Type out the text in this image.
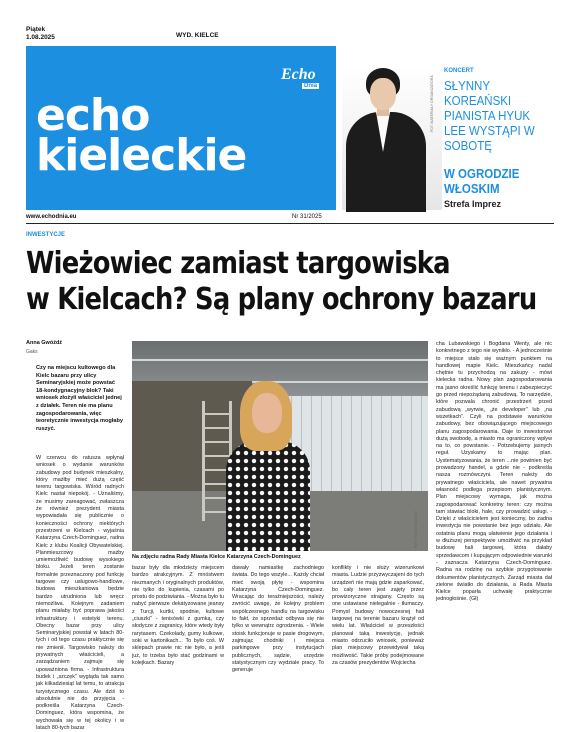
Piątek
1.08.2025	WYD. KIELCE
echo
kieleckie
Echo
Dnia	FOT. MATERIAŁY ORGANIZATORA
KONCERT
SŁYNNY KOREAŃSKI PIANISTA HYUK LEE WYSTĄPI W SOBOTĘ
W OGRODZIE WŁOSKIM
Strefa Imprez
www.echodnia.eu	Nr 31/2025
INWESTYCJE
Wieżowiec zamiast targowiska
w Kielcach? Są plany ochrony bazaru
Anna Gwóźdź
Gaks
Czy na miejscu kultowego dla Kielc bazaru przy ulicy Seminaryjskiej może powstać 18-kondygnacyjny blok? Taki wniosek złożyli właściciel jednej z działek. Teren nie ma planu zagospodarowania, więc teoretycznie inwestycja mogłaby ruszyć.
W czerwcu do ratusza wpłynął wniosek o wydanie warunków zabudowy pod budynek mieszkalny, który mażłby mieć dużą część terenu targowiska. Wśród radnych Kielc nastał niepokój. - Uznaliśmy, że musimy zareagować, zwłaszcza że również prezydent miasta wypowiadała się publicznie o konieczności ochrony niektórych przestrzeni w Kielcach - wyjaśnia Katarzyna Czech-Dominguez, radna Kielc z klubu Koalicji Obywatelskiej. Planmieszcowy mażby umiemożliwić budowę wysokiego bloku. Jeżeli teren zostanie formalnie przeznaczony pod funkcję targowe czy usługowo-handlowe, budowa mieszkaniowa będzie bardzo utrudniona lub wręcz niemożliwa. Kolejnym zadaniem planu miałaby być poprawa jakości infrastruktury i estetyki terenu. Obecny bazar przy ulicy Seminaryjskiej powstał w latach 80-tych i od tego czasu praktycznie się nie zmienił. Targowisko należy do prywatnych właścicieli, a zarządzaniem zajmuje się upoważniona firma. - Infrastruktura budek i „szczęk” wygląda tak samo jak kilkadziesiąt lat temu, to atrakcja turystycznego czasu. Ale dziś to absolutnie nie do przyjęcia - podkreśla Katarzyna Czech-Dominguez, która wspomina, że wychowała się w tej okolicy i w latach 80-tych bazar
FOT. PAWEŁ MAŁECKI
Na zdjęciu radna Rady Miasta Kielce Katarzyna Czech-Dominguez
bazar były dla młodzieży miejscem bardzo atrakcyjnym. Z mnóstwem niezmanych i oryginalnych produktów, nie tylko do kupienia, czasami po prostu do podziwiania. - Można było tu nabyć pierwsze dekatyzowane jeansy z Turcji, kurtki, spodnie, kultowe „ciuszki” - tenisówki z gumką, czy słodycze z zagranicy, które wtedy były rarytasem. Czekolady, gumy kulkowe, soki w kartonikach... To było coś. W sklepach prawie nic nie było, a jeśli już, to trzeba było stać godzinami w kolejkach. Bazary
dawały namiastkę zachodniego świata. Do tego wszyle... Każdy chciał mieć swoją płytę - wspomina Katarzyna Czech-Dominguez. Wracając do teraźniejszości, należy zwrócić uwagę, że kolejny problem współczesnego handlu na targowisku to fakt, że sprzedaż odbywa się nie tylko w wewnątrz ogrodzenia. - Wiele stoisk funkcjonuje w pasie drogowym, zajmując chodniki i miejsca parkingowe przy instytucjach publicznych, sądzie, urzędzie statystycznym czy wydziale pracy. To generuje
konflikty i nie służy wizerunkowi miasta. Ludzie przyzwyczajeni do tych urządzeń nie mają gdzie zaparkować, bo cały teren jest zajęty przez prowizoryczne stragany. Często są one ustawiane nielegalnie - tłumaczy. Pomysł budowy nowoczesnej hali targowej na terenie bazaru krążył od wielu lat. Właściciel w przeszłości planował taką inwestycję, jednak miasto odrzuciło wniosek, ponieważ plan miejscowy przewidywał taką możliwość. Takie próby podejmowane za czasów prezydentów Wojciecha
cha Lubawskiego i Bogdana Wenty, ale nic konkretnego z tego nie wynikło. - A jednocześnie to miejsce stało się ważnym punktem na handlowej mapie Kielc. Mieszkańcy nadal chętnie tu przychodzą na zakupy - mówi kielecka radna. Nowy plan zagospodarowania ma jasno określić funkcję terenu i zabezpieczyć go przed niepożądaną zabudową. To narzędzie, które pozwala chronić przestrzeń przed zabudową „wyrwie„ „że developer” lub „na wszetkach”. Czyli na podstawie warunków zabudowy, bez obowiązującego miejscowego planu zagospodarowania. Daje to inwestorowi dużą swobodę, a miasto ma ograniczony wpływ na to, co powstanie. - Potrzebujemy jasnych reguł. Uzyskamy to mając plan. Uystematyzowania, że teren ...nie powinien być prowadzony handel, a gdzie nie - podkreśla nasza rozmówczyni. Teren należy do prywatnego właściciela, ale nawet prywatna własność podlega przepisom planistycznym. Plan miejscowy wymaga, jak można zagospodarować konkretny teren: czy można tam stawiać bloki, hale, czy prowadzić usługi. - Dzięki z właścicielem jest konieczny, bo zadna inwestycja nie powstanie bez jego udziału. Ale ostatnia planu mogą ułatwienie jego działania i w dłuższej perspektywie umożliwić na przykład budowę hali targowej, która dałaby sprzedawcom i kupującym odpowiednie warunki - zaznacza Katarzyna Czech-Dominguez. Radna na rodzinę na szybkie przygotowanie dokumentów planistycznych. Zarząd miasta dał zielone światło do działania, a Rada Miasta Kielce poparła uchwałę praktycznie jednogłośnie. (Gł)
